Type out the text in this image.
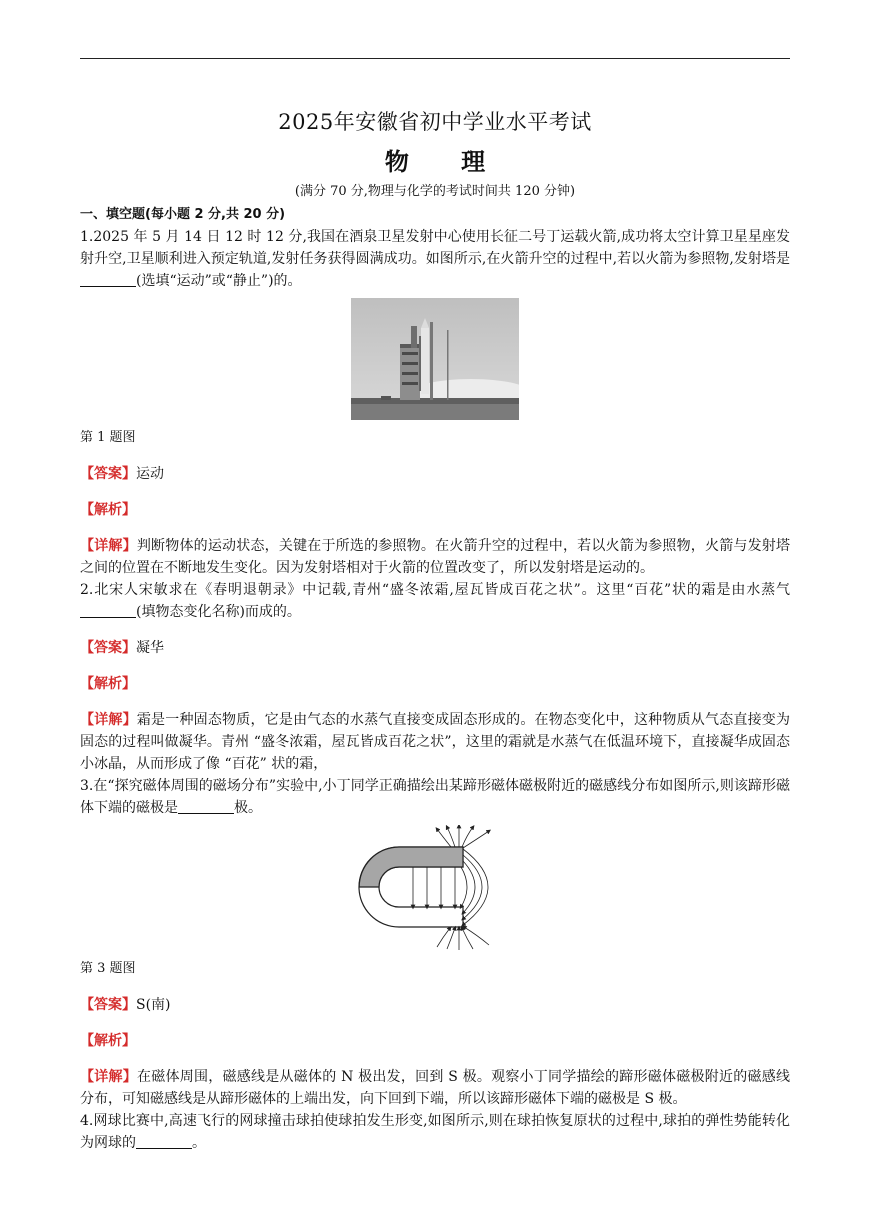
2025年安徽省初中学业水平考试
物 理
(满分 70 分,物理与化学的考试时间共 120 分钟)

一、填空题(每小题 2 分,共 20 分)

1.2025 年 5 月 14 日 12 时 12 分,我国在酒泉卫星发射中心使用长征二号丁运载火箭,成功将太空计算卫星星座发射升空,卫星顺利进入预定轨道,发射任务获得圆满成功。如图所示,在火箭升空的过程中,若以火箭为参照物,发射塔是(选填“运动”或“静止”)的。

第 1 题图

【答案】运动

【解析】

【详解】判断物体的运动状态，关键在于所选的参照物。在火箭升空的过程中，若以火箭为参照物，火箭与发射塔之间的位置在不断地发生变化。因为发射塔相对于火箭的位置改变了，所以发射塔是运动的。

2.北宋人宋敏求在《春明退朝录》中记载,青州“盛冬浓霜,屋瓦皆成百花之状”。这里“百花”状的霜是由水蒸气(填物态变化名称)而成的。

【答案】凝华

【解析】

【详解】霜是一种固态物质，它是由气态的水蒸气直接变成固态形成的。在物态变化中，这种物质从气态直接变为固态的过程叫做凝华。青州 “盛冬浓霜，屋瓦皆成百花之状”，这里的霜就是水蒸气在低温环境下，直接凝华成固态小冰晶，从而形成了像 “百花” 状的霜，

3.在“探究磁体周围的磁场分布”实验中,小丁同学正确描绘出某蹄形磁体磁极附近的磁感线分布如图所示,则该蹄形磁体下端的磁极是	极。

第 3 题图

【答案】S(南)

【解析】

【详解】在磁体周围，磁感线是从磁体的 N 极出发，回到 S 极。观察小丁同学描绘的蹄形磁体磁极附近的磁感线分布，可知磁感线是从蹄形磁体的上端出发，向下回到下端，所以该蹄形磁体下端的磁极是 S 极。

4.网球比赛中,高速飞行的网球撞击球拍使球拍发生形变,如图所示,则在球拍恢复原状的过程中,球拍的弹性势能转化为网球的	。
